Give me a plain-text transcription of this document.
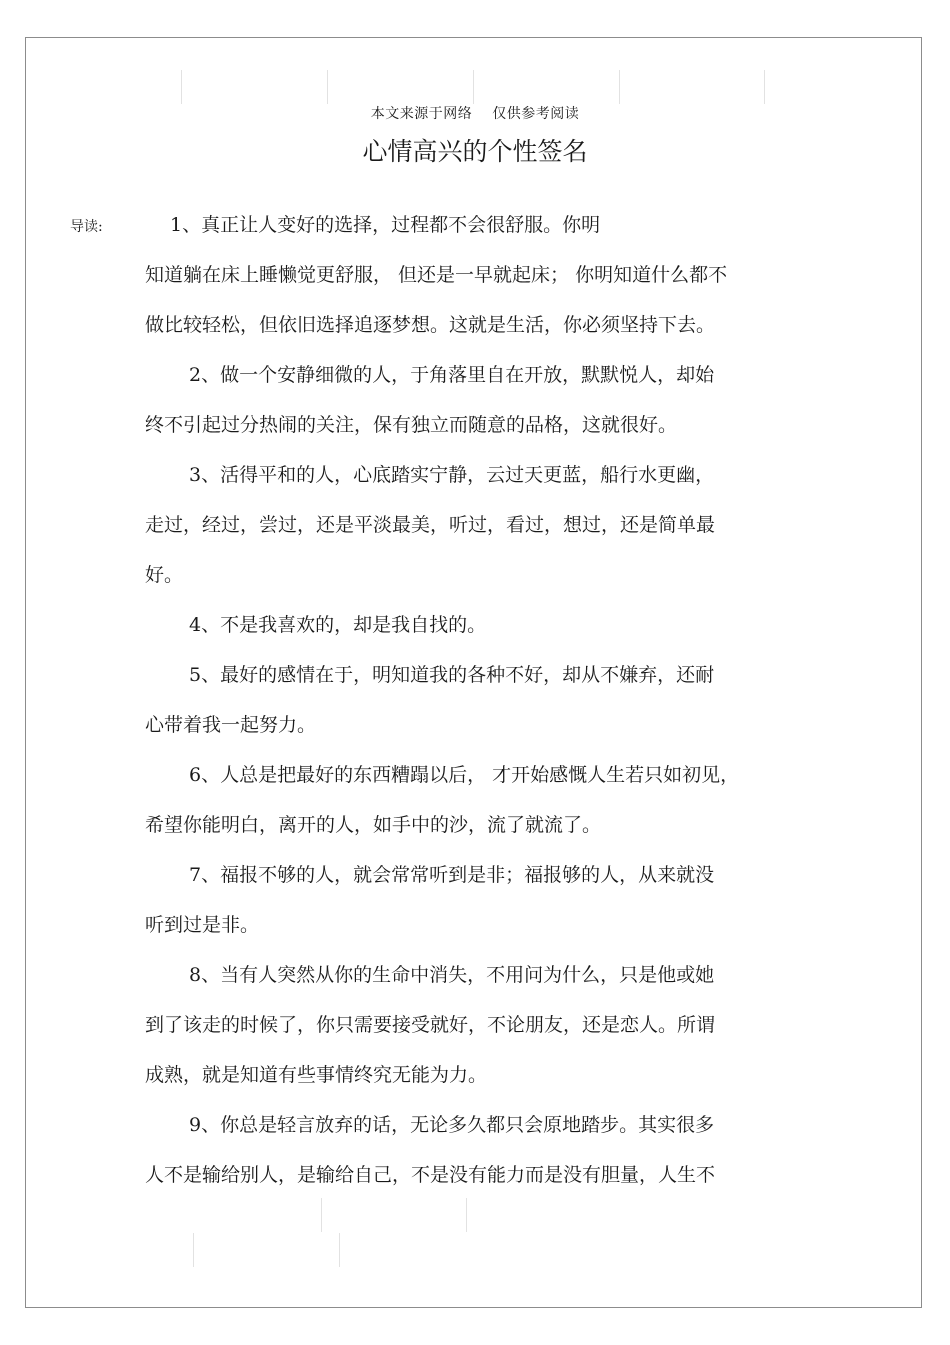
本文来源于网络 仅供参考阅读
心情高兴的个性签名
导读:	1、真正让人变好的选择，过程都不会很舒服。你明
知道躺在床上睡懒觉更舒服， 但还是一早就起床； 你明知道什么都不
做比较轻松，但依旧选择追逐梦想。这就是生活，你必须坚持下去。
2、做一个安静细微的人，于角落里自在开放，默默悦人，却始
终不引起过分热闹的关注，保有独立而随意的品格，这就很好。
3、活得平和的人，心底踏实宁静，云过天更蓝，船行水更幽，
走过，经过，尝过，还是平淡最美，听过，看过，想过，还是简单最
好。
4、不是我喜欢的，却是我自找的。
5、最好的感情在于，明知道我的各种不好，却从不嫌弃，还耐
心带着我一起努力。
6、人总是把最好的东西糟蹋以后， 才开始感慨人生若只如初见，
希望你能明白，离开的人，如手中的沙，流了就流了。
7、福报不够的人，就会常常听到是非；福报够的人，从来就没
听到过是非。
8、当有人突然从你的生命中消失，不用问为什么，只是他或她
到了该走的时候了，你只需要接受就好，不论朋友，还是恋人。所谓
成熟，就是知道有些事情终究无能为力。
9、你总是轻言放弃的话，无论多久都只会原地踏步。其实很多
人不是输给别人，是输给自己，不是没有能力而是没有胆量，人生不
